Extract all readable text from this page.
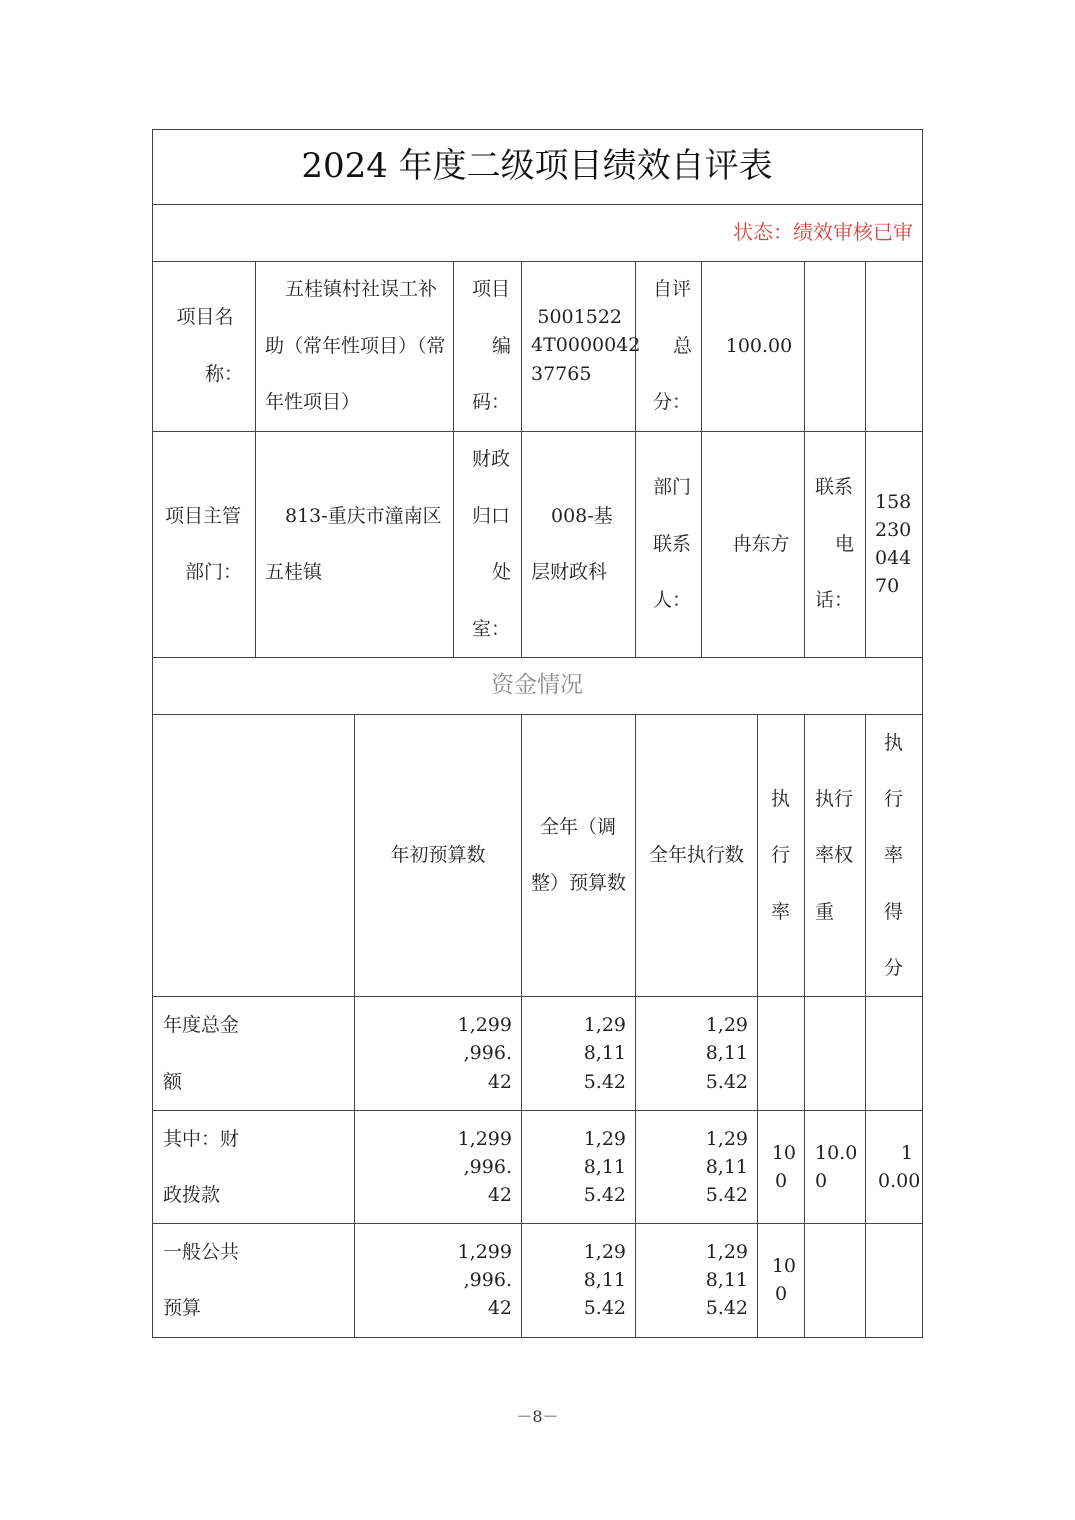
2024 年度二级项目绩效自评表
状态：绩效审核已审
项目名
称：
五桂镇村社误工补
助（常年性项目）（常
年性项目）
项目
编
码：
5001522
4T0000042
37765
自评
总
分：
100.00
项目主管
部门：
813-重庆市潼南区
五桂镇
财政
归口
处
室：
008-基
层财政科
部门
联系
人：
冉东方
联系
电
话：
158
230
044
70
资金情况
年初预算数
全年（调
整）预算数
全年执行数
执
行
率
执行
率权
重
执
行
率
得
分
年度总金
额
1,299
,996.
42
1,29
8,11
5.42
1,29
8,11
5.42
其中：财
政拨款
1,299
,996.
42
1,29
8,11
5.42
1,29
8,11
5.42
10
0
10.0
0
1
0.00
一般公共
预算
1,299
,996.
42
1,29
8,11
5.42
1,29
8,11
5.42
10
0
－8－
